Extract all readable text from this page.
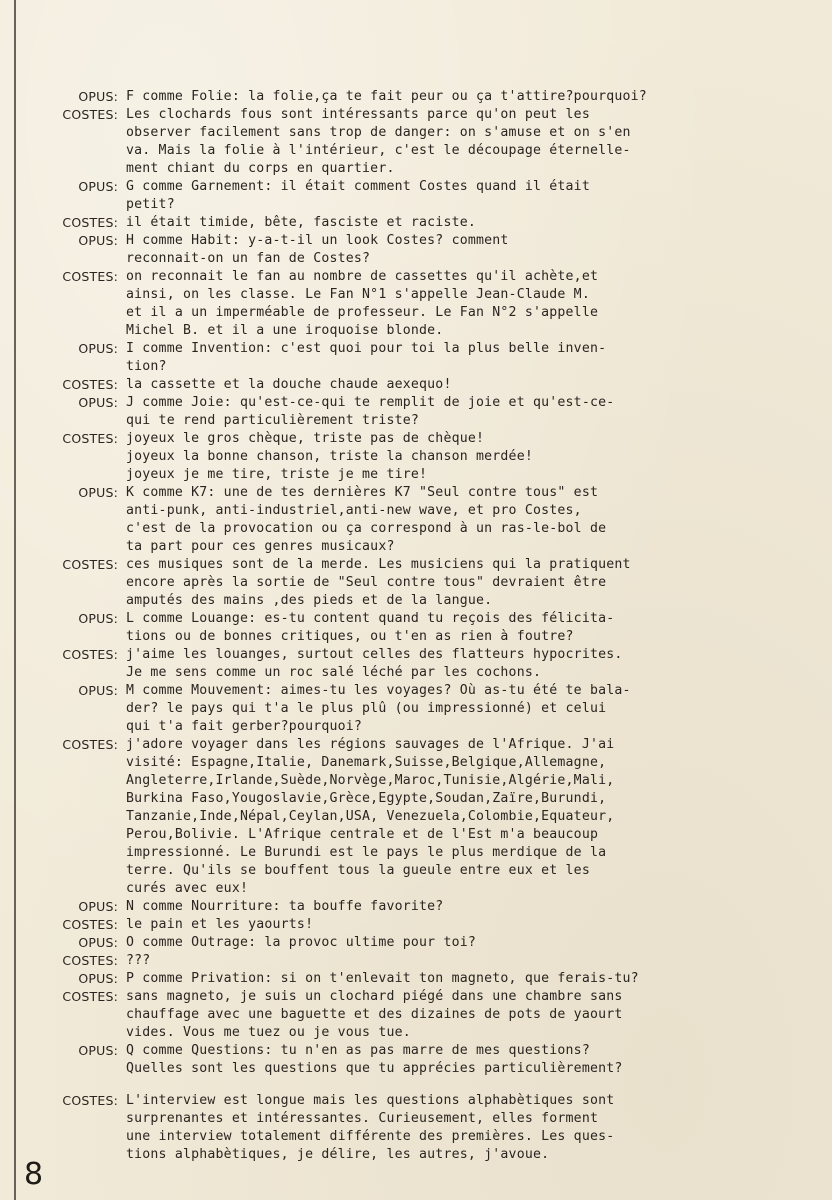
OPUS: F comme Folie: la folie,ça te fait peur ou ça t'attire?pourquoi?
COSTES: Les clochards fous sont intéressants parce qu'on peut les
observer facilement sans trop de danger: on s'amuse et on s'en
va. Mais la folie à l'intérieur, c'est le découpage éternelle-
ment chiant du corps en quartier.
OPUS: G comme Garnement: il était comment Costes quand il était
petit?
COSTES: il était timide, bête, fasciste et raciste.
OPUS: H comme Habit: y-a-t-il un look Costes? comment
reconnait-on un fan de Costes?
COSTES: on reconnait le fan au nombre de cassettes qu'il achète,et
ainsi, on les classe. Le Fan N°1 s'appelle Jean-Claude M.
et il a un imperméable de professeur. Le Fan N°2 s'appelle
Michel B. et il a une iroquoise blonde.
OPUS: I comme Invention: c'est quoi pour toi la plus belle inven-
tion?
COSTES: la cassette et la douche chaude aexequo!
OPUS: J comme Joie: qu'est-ce-qui te remplit de joie et qu'est-ce-
qui te rend particulièrement triste?
COSTES: joyeux le gros chèque, triste pas de chèque!
joyeux la bonne chanson, triste la chanson merdée!
joyeux je me tire, triste je me tire!
OPUS: K comme K7: une de tes dernières K7 "Seul contre tous" est
anti-punk, anti-industriel,anti-new wave, et pro Costes,
c'est de la provocation ou ça correspond à un ras-le-bol de
ta part pour ces genres musicaux?
COSTES: ces musiques sont de la merde. Les musiciens qui la pratiquent
encore après la sortie de "Seul contre tous" devraient être
amputés des mains ,des pieds et de la langue.
OPUS: L comme Louange: es-tu content quand tu reçois des félicita-
tions ou de bonnes critiques, ou t'en as rien à foutre?
COSTES: j'aime les louanges, surtout celles des flatteurs hypocrites.
Je me sens comme un roc salé léché par les cochons.
OPUS: M comme Mouvement: aimes-tu les voyages? Où as-tu été te bala-
der? le pays qui t'a le plus plû (ou impressionné) et celui
qui t'a fait gerber?pourquoi?
COSTES: j'adore voyager dans les régions sauvages de l'Afrique. J'ai
visité: Espagne,Italie, Danemark,Suisse,Belgique,Allemagne,
Angleterre,Irlande,Suède,Norvège,Maroc,Tunisie,Algérie,Mali,
Burkina Faso,Yougoslavie,Grèce,Egypte,Soudan,Zaïre,Burundi,
Tanzanie,Inde,Népal,Ceylan,USA, Venezuela,Colombie,Equateur,
Perou,Bolivie. L'Afrique centrale et de l'Est m'a beaucoup
impressionné. Le Burundi est le pays le plus merdique de la
terre. Qu'ils se bouffent tous la gueule entre eux et les
curés avec eux!
OPUS: N comme Nourriture: ta bouffe favorite?
COSTES: le pain et les yaourts!
OPUS: O comme Outrage: la provoc ultime pour toi?
COSTES: ???
OPUS: P comme Privation: si on t'enlevait ton magneto, que ferais-tu?
COSTES: sans magneto, je suis un clochard piégé dans une chambre sans
chauffage avec une baguette et des dizaines de pots de yaourt
vides. Vous me tuez ou je vous tue.
OPUS: Q comme Questions: tu n'en as pas marre de mes questions?
Quelles sont les questions que tu apprécies particulièrement?
COSTES: L'interview est longue mais les questions alphabètiques sont
surprenantes et intéressantes. Curieusement, elles forment
une interview totalement différente des premières. Les ques-
tions alphabètiques, je délire, les autres, j'avoue.
8
